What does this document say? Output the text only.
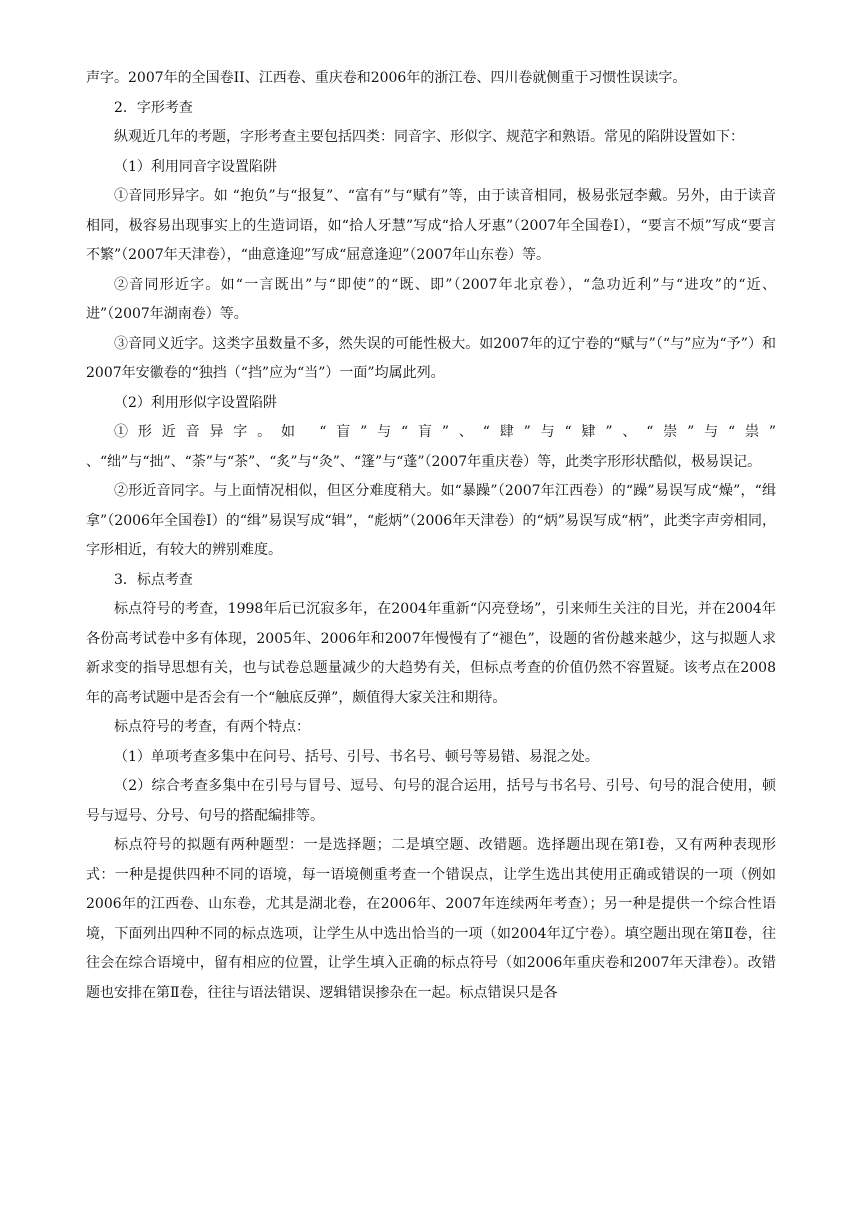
声字。2007年的全国卷II、江西卷、重庆卷和2006年的浙江卷、四川卷就侧重于习惯性误读字。

2．字形考查

纵观近几年的考题，字形考查主要包括四类：同音字、形似字、规范字和熟语。常见的陷阱设置如下：

（1）利用同音字设置陷阱

①音同形异字。如 “抱负”与“报复”、“富有”与“赋有”等，由于读音相同，极易张冠李戴。另外，由于读音相同，极容易出现事实上的生造词语，如“拾人牙慧”写成“拾人牙惠”（2007年全国卷I），“要言不烦”写成“要言不繁”（2007年天津卷），“曲意逢迎”写成“屈意逢迎”（2007年山东卷）等。

②音同形近字。如“一言既出”与“即使”的“既、即”（2007年北京卷），“急功近利”与“进攻”的“近、进”（2007年湖南卷）等。

③音同义近字。这类字虽数量不多，然失误的可能性极大。如2007年的辽宁卷的“赋与”（“与”应为“予”）和2007年安徽卷的“独挡（“挡”应为“当”）一面”均属此列。

（2）利用形似字设置陷阱

①形近音异字。如 “盲”与“肓”、“肆”与“肄”、“崇”与“祟” 、“绌”与“拙”、“荼”与“茶”、“炙”与“灸”、“篷”与“蓬”（2007年重庆卷）等，此类字形形状酷似，极易误记。

②形近音同字。与上面情况相似，但区分难度稍大。如“暴躁”（2007年江西卷）的“躁”易误写成“燥”，“缉拿”（2006年全国卷Ⅰ）的“缉”易误写成“辑”，“彪炳”（2006年天津卷）的“炳”易误写成“柄”，此类字声旁相同，字形相近，有较大的辨别难度。

3．标点考查

标点符号的考查，1998年后已沉寂多年，在2004年重新“闪亮登场”，引来师生关注的目光，并在2004年各份高考试卷中多有体现，2005年、2006年和2007年慢慢有了“褪色”，设题的省份越来越少，这与拟题人求新求变的指导思想有关，也与试卷总题量减少的大趋势有关，但标点考查的价值仍然不容置疑。该考点在2008年的高考试题中是否会有一个“触底反弹”，颇值得大家关注和期待。

标点符号的考查，有两个特点：

（1）单项考查多集中在问号、括号、引号、书名号、顿号等易错、易混之处。

（2）综合考查多集中在引号与冒号、逗号、句号的混合运用，括号与书名号、引号、句号的混合使用，顿号与逗号、分号、句号的搭配编排等。

标点符号的拟题有两种题型：一是选择题；二是填空题、改错题。选择题出现在第Ⅰ卷，又有两种表现形式：一种是提供四种不同的语境，每一语境侧重考查一个错误点，让学生选出其使用正确或错误的一项（例如2006年的江西卷、山东卷，尤其是湖北卷，在2006年、2007年连续两年考查）；另一种是提供一个综合性语境，下面列出四种不同的标点选项，让学生从中选出恰当的一项（如2004年辽宁卷）。填空题出现在第Ⅱ卷，往往会在综合语境中，留有相应的位置，让学生填入正确的标点符号（如2006年重庆卷和2007年天津卷）。改错题也安排在第Ⅱ卷，往往与语法错误、逻辑错误掺杂在一起。标点错误只是各
